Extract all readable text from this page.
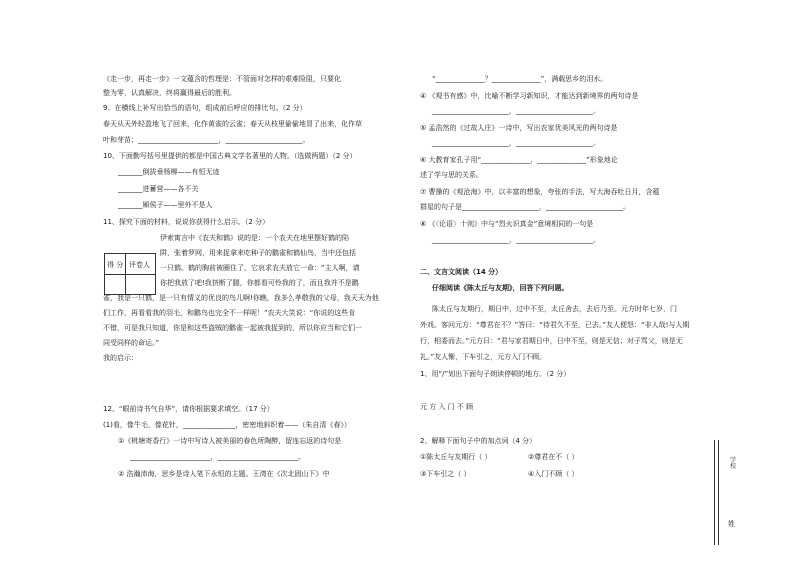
《走一步，再走一步》一文蕴含的哲理是：不管面对怎样的艰难险阻，只要化
整为零，认真解决，终将赢得最后的胜利。
9、在横线上补写出恰当的语句，组成前后呼应的排比句。（2 分）
春天从天外轻盈地飞了回来，化作黄雀的云雀；春天从枝里偷偷地冒了出来，化作草
叶和芽苗；_______________________，______________________。
10、下面勤写括号里提供的都是中国古典文学名著里的人物。（选做两题）（2 分）
_______倒拔垂杨柳——有恒无迹
_______进蓄营——各不关
_______厢侯子——里外不是人
11、探究下面的材料，说说你获得什么启示。（2 分）
得 分 评卷人
伊索寓言中《农夫和鹤》说的是：一个农夫在地里摆好鹤的陷
阱，张着罗网，用来捉拿来吃种子的鹳雀和鹤仙鸟，当中还包括
一只鹤。鹤的胸前被圈住了，它哀求农夫放它一命：“主人啊，请
你把我放了吧!我挤断了腿，你都看可怜我的了，而且我并不是鹳
雀，我是一只鹤，是一只有情义的优良的鸟儿啊!你瞧，我多么孝敬我的父母，我天天为他
们工作，再看看我的羽毛，和鹳鸟也完全不一样呢！”农夫大笑说：“你说的这些肯
不错，可是我只知道，你是和这些盗贼的鹳雀一起被我捉到的，所以你应当和它们一
同受同样的命运。”
我的启示：
12、“眼前诗书气自华”，请你根据要求填空。（17 分）
(1)看，像牛毛，像花针，_______________，密密地斜织着——（朱自清《春》）
①《桃塘寄香行》一诗中写诗人被美丽的春色所陶醉，留连忘返的诗句是
_______________________，_______________________。
② 浩瀚沛海，思乡是诗人笔下永恒的主题。王湾在《次北固山下》中
“______________？______________”，满载思乡的泪水。
④ 《观书有感》中，比喻不断学习新知识，才能达到新境界的两句诗是
______________________，______________________。
⑤ 孟浩然的《过故人庄》一诗中，写出农家优美风光的两句诗是
______________________，______________________。
⑥ 大教育家孔子用“______________，______________”形象地论
述了学与思的关系。
⑦ 曹操的《观沧海》中，以丰富的想象，夸张的手法，写大海吞吐日月，含蕴
群星的句子是______________________，______________________。
⑧ 《〈论语〉十则》中与“烈火识真金”意境相同的一句是
______________________，______________________。
二、文言文阅读（14 分）
仔细阅读《陈太丘与友期》，回答下列问题。
陈太丘与友期行，期日中，过中不至，太丘舍去，去后乃至。元方时年七岁，门
外戏。客问元方：“尊君在不？”答曰：“待君久不至，已去。”友人便怒：“非人哉!与人期
行，相委而去。”元方曰：“君与家君期日中，日中不至，则是无信；对子骂父，则是无
礼。”友人惭，下车引之，元方入门不顾。
1、用“/”划出下面句子朗读停顿的地方。（2 分）
元 方 入 门 不 顾
2、解释下面句子中的加点词（4 分）
①陈太丘与友期行（ ）	②尊君在不（ ）
③下车引之（ ）	④入门不顾（ ）
学校
姓
